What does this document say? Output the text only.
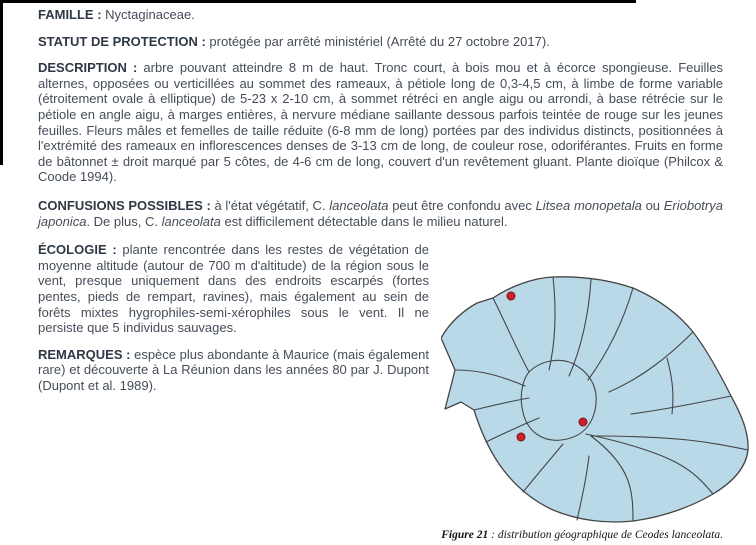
FAMILLE : Nyctaginaceae.

STATUT DE PROTECTION : protégée par arrêté ministériel (Arrêté du 27 octobre 2017).

DESCRIPTION : arbre pouvant atteindre 8 m de haut. Tronc court, à bois mou et à écorce spongieuse. Feuilles alternes, opposées ou verticillées au sommet des rameaux, à pétiole long de 0,3-4,5 cm, à limbe de forme variable (étroitement ovale à elliptique) de 5-23 x 2-10 cm, à sommet rétréci en angle aigu ou arrondi, à base rétrécie sur le pétiole en angle aigu, à marges entières, à nervure médiane saillante dessous parfois teintée de rouge sur les jeunes feuilles. Fleurs mâles et femelles de taille réduite (6-8 mm de long) portées par des individus distincts, positionnées à l'extrémité des rameaux en inflorescences denses de 3-13 cm de long, de couleur rose, odoriférantes. Fruits en forme de bâtonnet ± droit marqué par 5 côtes, de 4-6 cm de long, couvert d'un revêtement gluant. Plante dioïque (Philcox & Coode 1994).

CONFUSIONS POSSIBLES : à l'état végétatif, C. lanceolata peut être confondu avec Litsea monopetala ou Eriobotrya japonica. De plus, C. lanceolata est difficilement détectable dans le milieu naturel.

Figure 21 : distribution géographique de Ceodes lanceolata.

ÉCOLOGIE : plante rencontrée dans les restes de végétation de moyenne altitude (autour de 700 m d'altitude) de la région sous le vent, presque uniquement dans des endroits escarpés (fortes pentes, pieds de rempart, ravines), mais également au sein de forêts mixtes hygrophiles-semi-xérophiles sous le vent. Il ne persiste que 5 individus sauvages.

REMARQUES : espèce plus abondante à Maurice (mais également rare) et découverte à La Réunion dans les années 80 par J. Dupont (Dupont et al. 1989).
